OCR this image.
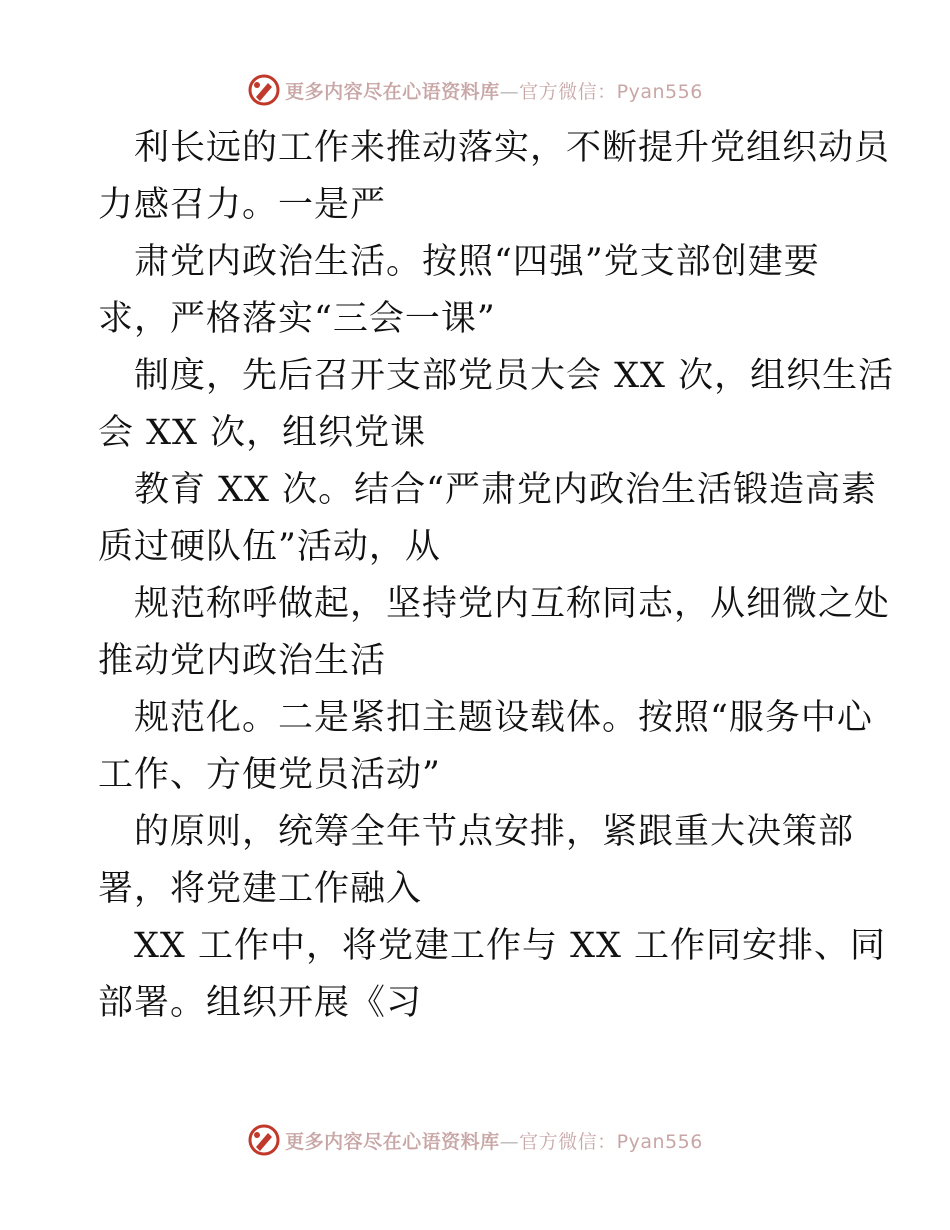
更多内容尽在心语资料库—官方微信：Pyan556
利长远的工作来推动落实，不断提升党组织动员
力感召力。一是严
肃党内政治生活。按照“四强”党支部创建要
求，严格落实“三会一课”
制度，先后召开支部党员大会 XX 次，组织生活
会 XX 次，组织党课
教育 XX 次。结合“严肃党内政治生活锻造高素
质过硬队伍”活动，从
规范称呼做起，坚持党内互称同志，从细微之处
推动党内政治生活
规范化。二是紧扣主题设载体。按照“服务中心
工作、方便党员活动”
的原则，统筹全年节点安排，紧跟重大决策部
署，将党建工作融入
XX 工作中，将党建工作与 XX 工作同安排、同
部署。组织开展《习
更多内容尽在心语资料库—官方微信：Pyan556
